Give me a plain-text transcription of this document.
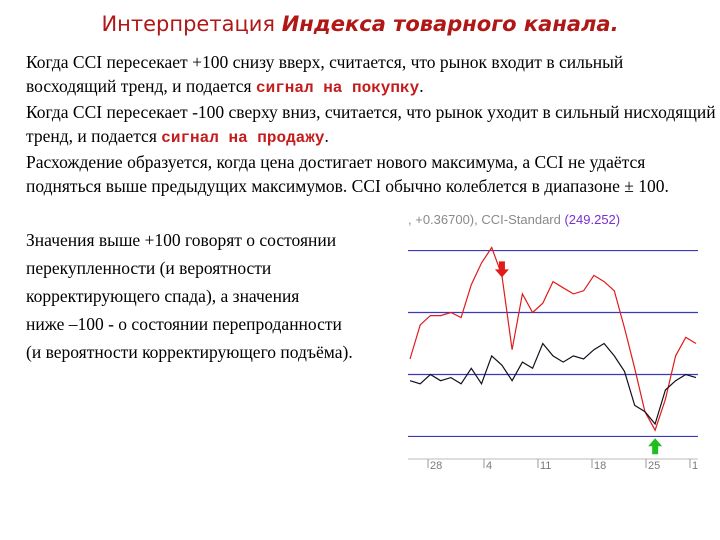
Интерпретация Индекса товарного канала.

Когда CCI пересекает +100 снизу вверх, считается, что рынок входит в сильный восходящий тренд, и подается сигнал на покупку.

Когда CCI пересекает -100 сверху вниз, считается, что рынок уходит в сильный нисходящий тренд, и подается сигнал на продажу.

Расхождение образуется, когда цена достигает нового максимума, а CCI не удаётся подняться выше предыдущих максимумов. CCI обычно колеблется в диапазоне ± 100.

Значения выше +100 говорят о состоянии
перекупленности (и вероятности
корректирующего спада), а значения
ниже –100 - о состоянии перепроданности
(и вероятности корректирующего подъёма).
, +0.36700), CCI-Standard (249.252)
28	4	11	18	25	1
